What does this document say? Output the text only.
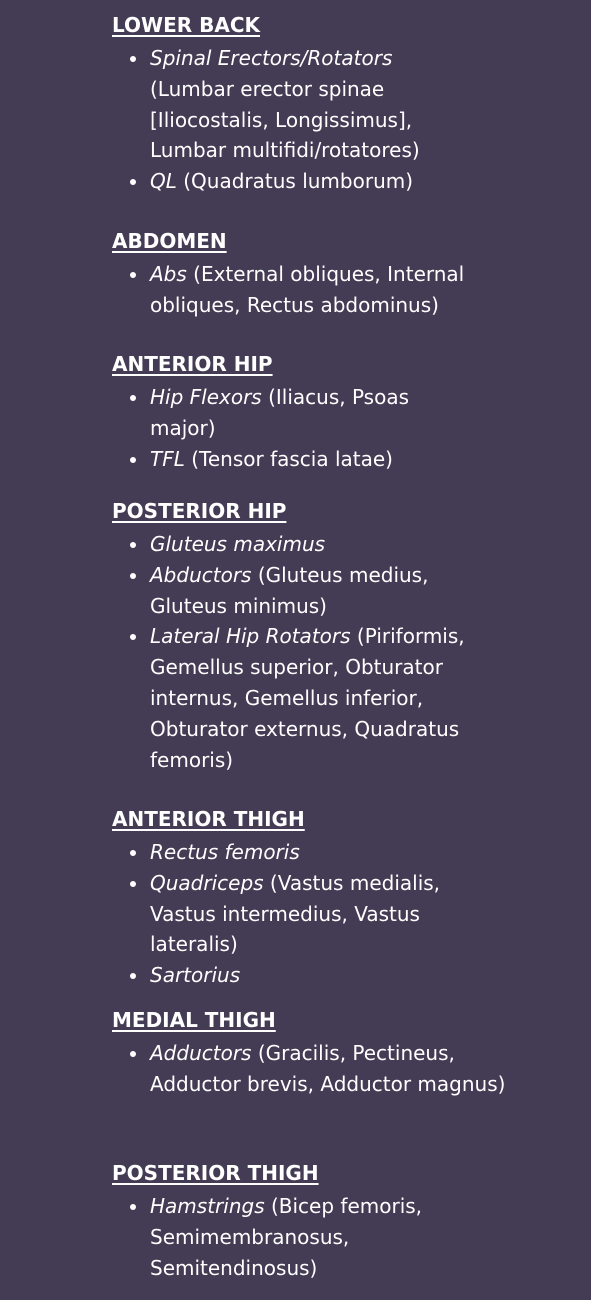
LOWER BACK
Spinal Erectors/Rotators (Lumbar erector spinae [Iliocostalis, Longissimus], Lumbar multifidi/rotatores)
QL (Quadratus lumborum)
ABDOMEN
Abs (External obliques, Internal obliques, Rectus abdominus)
ANTERIOR HIP
Hip Flexors (Iliacus, Psoas major)
TFL (Tensor fascia latae)
POSTERIOR HIP
Gluteus maximus
Abductors (Gluteus medius, Gluteus minimus)
Lateral Hip Rotators (Piriformis, Gemellus superior, Obturator internus, Gemellus inferior, Obturator externus, Quadratus femoris)
ANTERIOR THIGH
Rectus femoris
Quadriceps (Vastus medialis, Vastus intermedius, Vastus lateralis)
Sartorius
MEDIAL THIGH
Adductors (Gracilis, Pectineus, Adductor brevis, Adductor magnus)
POSTERIOR THIGH
Hamstrings (Bicep femoris, Semimembranosus, Semitendinosus)
